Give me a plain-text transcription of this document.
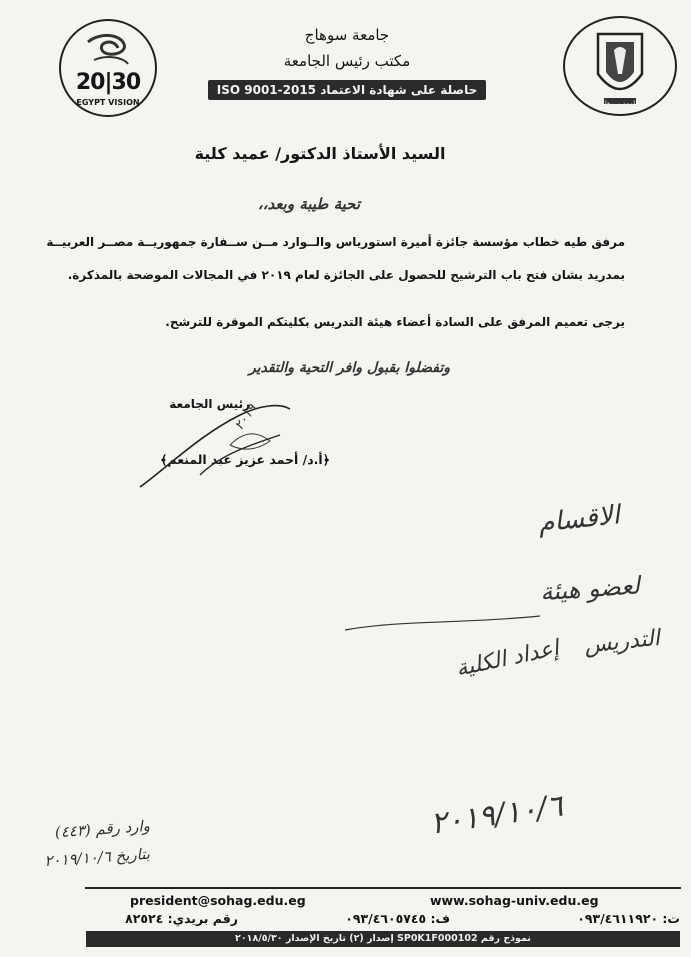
20|30
EGYPT VISION
جامعة سوهاج
مكتب رئيس الجامعة
حاصلة على شهادة الاعتماد ISO 9001-2015
جامعة سوهاج
السيد الأستاذ الدكتور/ عميد كلية
تحية طيبة وبعد،،
مرفق طيه خطاب مؤسسة جائزة أميرة استورياس والــوارد مــن ســفارة جمهوريــة مصــر العربيــة
بمدريد بشان فتح باب الترشيح للحصول على الجائزة لعام ٢٠١٩ في المجالات الموضحة بالمذكرة.
يرجى تعميم المرفق على السادة أعضاء هيئة التدريس بكليتكم الموقرة للترشح.
وتفضلوا بقبول وافر التحية والتقدير
رئيس الجامعة
﴿أ.د/ أحمد عزيز عبد المنعم﴾
٢٠١٩
الاقسام
لعضو هيئة
التدريس
إعداد الكلية
٢٠١٩/١٠/٦
وارد رقم (٤٤٣)
بتاريخ ٢٠١٩/١٠/٦
president@sohag.edu.eg	www.sohag-univ.edu.eg
رقم بريدي: ٨٢٥٢٤	ف: ٠٩٣/٤٦٠٥٧٤٥	ت: ٠٩٣/٤٦١١٩٢٠
نموذج رقم SP0K1F000102 إصدار (٢) تاريخ الإصدار ٢٠١٨/٥/٣٠
